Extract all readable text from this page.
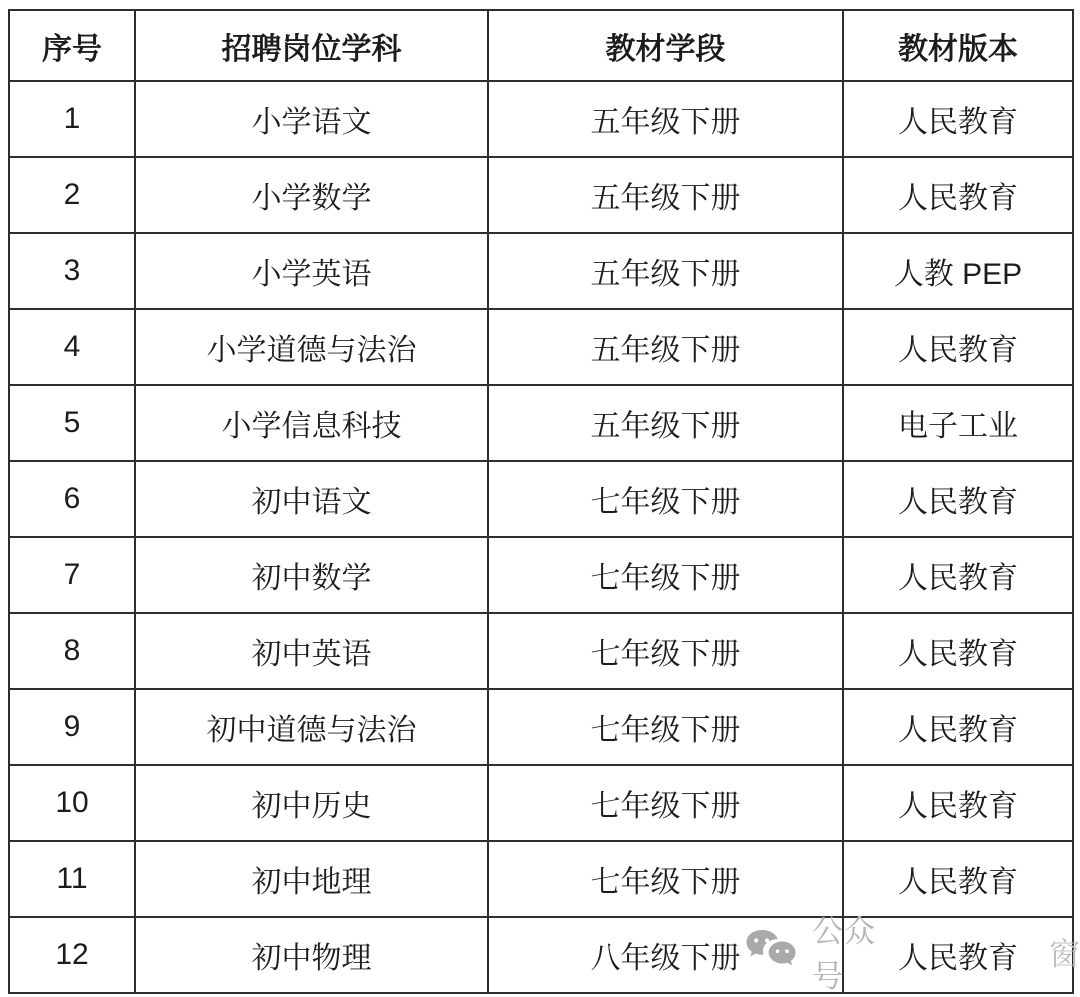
序号	招聘岗位学科	教材学段	教材版本
1	小学语文	五年级下册	人民教育
2	小学数学	五年级下册	人民教育
3	小学英语	五年级下册	人教 PEP
4	小学道德与法治	五年级下册	人民教育
5	小学信息科技	五年级下册	电子工业
6	初中语文	七年级下册	人民教育
7	初中数学	七年级下册	人民教育
8	初中英语	七年级下册	人民教育
9	初中道德与法治	七年级下册	人民教育
10	初中历史	七年级下册	人民教育
11	初中地理	七年级下册	人民教育
12	初中物理	八年级下册	人民教育
公众号
窗
